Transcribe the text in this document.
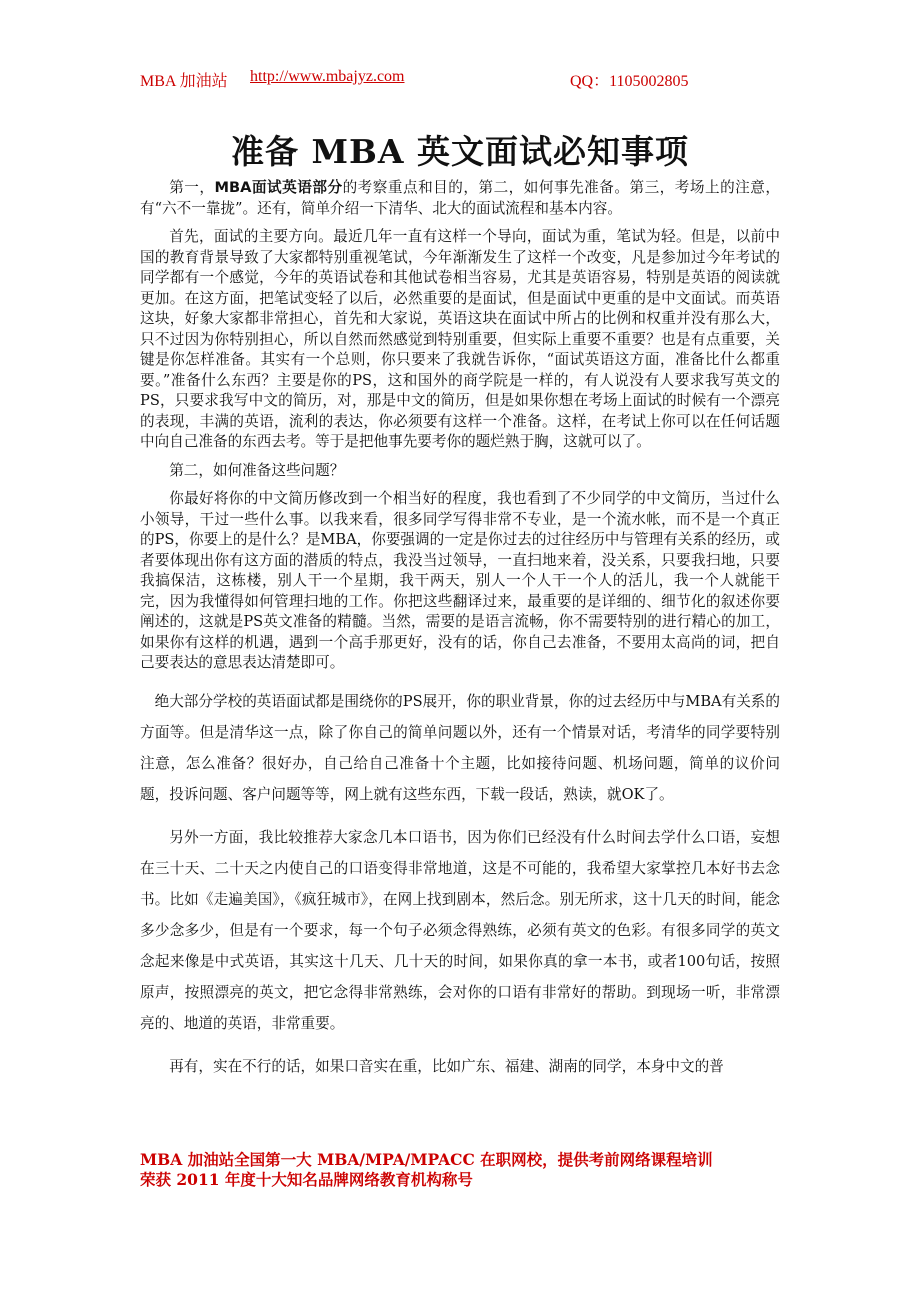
MBA 加油站 http://www.mbajyz.com	QQ：1105002805
准备 MBA 英文面试必知事项

第一，MBA面试英语部分的考察重点和目的，第二，如何事先准备。第三，考场上的注意，有“六不一靠拢”。还有，简单介绍一下清华、北大的面试流程和基本内容。

首先，面试的主要方向。最近几年一直有这样一个导向，面试为重，笔试为轻。但是，以前中国的教育背景导致了大家都特别重视笔试，今年渐渐发生了这样一个改变，凡是参加过今年考试的同学都有一个感觉，今年的英语试卷和其他试卷相当容易，尤其是英语容易，特别是英语的阅读就更加。在这方面，把笔试变轻了以后，必然重要的是面试，但是面试中更重的是中文面试。而英语这块，好象大家都非常担心，首先和大家说，英语这块在面试中所占的比例和权重并没有那么大，只不过因为你特别担心，所以自然而然感觉到特别重要，但实际上重要不重要？也是有点重要，关键是你怎样准备。其实有一个总则，你只要来了我就告诉你，“面试英语这方面，准备比什么都重要。”准备什么东西？主要是你的PS，这和国外的商学院是一样的，有人说没有人要求我写英文的PS，只要求我写中文的简历，对，那是中文的简历，但是如果你想在考场上面试的时候有一个漂亮的表现，丰满的英语，流利的表达，你必须要有这样一个准备。这样，在考试上你可以在任何话题中向自己准备的东西去考。等于是把他事先要考你的题烂熟于胸，这就可以了。

第二，如何准备这些问题？

你最好将你的中文简历修改到一个相当好的程度，我也看到了不少同学的中文简历，当过什么小领导，干过一些什么事。以我来看，很多同学写得非常不专业，是一个流水帐，而不是一个真正的PS，你要上的是什么？是MBA，你要强调的一定是你过去的过往经历中与管理有关系的经历，或者要体现出你有这方面的潜质的特点，我没当过领导，一直扫地来着，没关系，只要我扫地，只要我搞保洁，这栋楼，别人干一个星期，我干两天，别人一个人干一个人的活儿，我一个人就能干完，因为我懂得如何管理扫地的工作。你把这些翻译过来，最重要的是详细的、细节化的叙述你要阐述的，这就是PS英文准备的精髓。当然，需要的是语言流畅，你不需要特别的进行精心的加工，如果你有这样的机遇，遇到一个高手那更好，没有的话，你自己去准备，不要用太高尚的词，把自己要表达的意思表达清楚即可。

绝大部分学校的英语面试都是围绕你的PS展开，你的职业背景，你的过去经历中与MBA有关系的方面等。但是清华这一点，除了你自己的简单问题以外，还有一个情景对话，考清华的同学要特别注意，怎么准备？很好办，自己给自己准备十个主题，比如接待问题、机场问题，简单的议价问题，投诉问题、客户问题等等，网上就有这些东西，下载一段话，熟读，就OK了。

另外一方面，我比较推荐大家念几本口语书，因为你们已经没有什么时间去学什么口语，妄想在三十天、二十天之内使自己的口语变得非常地道，这是不可能的，我希望大家掌控几本好书去念书。比如《走遍美国》，《疯狂城市》，在网上找到剧本，然后念。别无所求，这十几天的时间，能念多少念多少，但是有一个要求，每一个句子必须念得熟练，必须有英文的色彩。有很多同学的英文念起来像是中式英语，其实这十几天、几十天的时间，如果你真的拿一本书，或者100句话，按照原声，按照漂亮的英文，把它念得非常熟练，会对你的口语有非常好的帮助。到现场一听，非常漂亮的、地道的英语，非常重要。

再有，实在不行的话，如果口音实在重，比如广东、福建、湖南的同学，本身中文的普

MBA 加油站全国第一大 MBA/MPA/MPACC 在职网校，提供考前网络课程培训
荣获 2011 年度十大知名品牌网络教育机构称号
